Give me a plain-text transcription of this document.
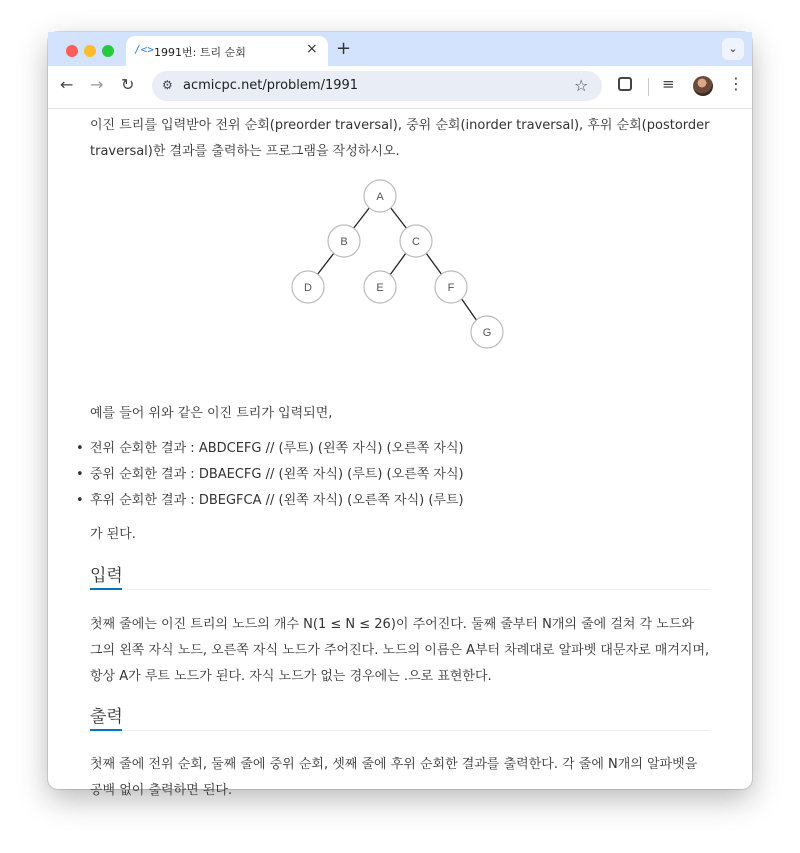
/<> 1991번: 트리 순회	× +	⌄
← → ↻ ⚙ acmicpc.net/problem/1991	☆	≡	⋮
이진 트리를 입력받아 전위 순회(preorder traversal), 중위 순회(inorder traversal), 후위 순회(postorder traversal)한 결과를 출력하는 프로그램을 작성하시오.
A
B	C
D	E	F
G
예를 들어 위와 같은 이진 트리가 입력되면,
• 전위 순회한 결과 : ABDCEFG // (루트) (왼쪽 자식) (오른쪽 자식)
• 중위 순회한 결과 : DBAECFG // (왼쪽 자식) (루트) (오른쪽 자식)
• 후위 순회한 결과 : DBEGFCA // (왼쪽 자식) (오른쪽 자식) (루트)
가 된다.
입력
첫째 줄에는 이진 트리의 노드의 개수 N(1 ≤ N ≤ 26)이 주어진다. 둘째 줄부터 N개의 줄에 걸쳐 각 노드와 그의 왼쪽 자식 노드, 오른쪽 자식 노드가 주어진다. 노드의 이름은 A부터 차례대로 알파벳 대문자로 매겨지며, 항상 A가 루트 노드가 된다. 자식 노드가 없는 경우에는 .으로 표현한다.
출력
첫째 줄에 전위 순회, 둘째 줄에 중위 순회, 셋째 줄에 후위 순회한 결과를 출력한다. 각 줄에 N개의 알파벳을 공백 없이 출력하면 된다.
